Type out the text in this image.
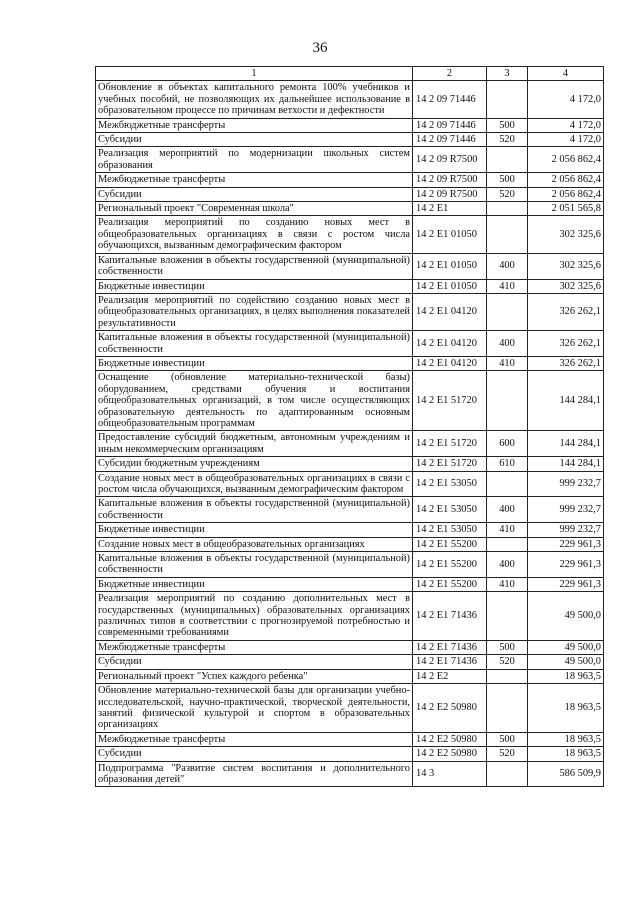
36
1	2	3	4
Обновление в объектах капитального ремонта 100% учебников и учебных пособий, не позволяющих их дальнейшее использование в образовательном процессе по причинам ветхости и дефектности	14 2 09 71446		4 172,0
Межбюджетные трансферты	14 2 09 71446	500	4 172,0
Субсидии	14 2 09 71446	520	4 172,0
Реализация мероприятий по модернизации школьных систем образования	14 2 09 R7500		2 056 862,4
Межбюджетные трансферты	14 2 09 R7500	500	2 056 862,4
Субсидии	14 2 09 R7500	520	2 056 862,4
Региональный проект "Современная школа"	14 2 E1		2 051 565,8
Реализация мероприятий по созданию новых мест в общеобразовательных организациях в связи с ростом числа обучающихся, вызванным демографическим фактором	14 2 E1 01050		302 325,6
Капитальные вложения в объекты государственной (муниципальной) собственности	14 2 E1 01050	400	302 325,6
Бюджетные инвестиции	14 2 E1 01050	410	302 325,6
Реализация мероприятий по содействию созданию новых мест в общеобразовательных организациях, в целях выполнения показателей результативности	14 2 E1 04120		326 262,1
Капитальные вложения в объекты государственной (муниципальной) собственности	14 2 E1 04120	400	326 262,1
Бюджетные инвестиции	14 2 E1 04120	410	326 262,1
Оснащение (обновление материально-технической базы) оборудованием, средствами обучения и воспитания общеобразовательных организаций, в том числе осуществляющих образовательную деятельность по адаптированным основным общеобразовательным программам	14 2 E1 51720		144 284,1
Предоставление субсидий бюджетным, автономным учреждениям и иным некоммерческим организациям	14 2 E1 51720	600	144 284,1
Субсидии бюджетным учреждениям	14 2 E1 51720	610	144 284,1
Создание новых мест в общеобразовательных организациях в связи с ростом числа обучающихся, вызванным демографическим фактором	14 2 E1 53050		999 232,7
Капитальные вложения в объекты государственной (муниципальной) собственности	14 2 E1 53050	400	999 232,7
Бюджетные инвестиции	14 2 E1 53050	410	999 232,7
Создание новых мест в общеобразовательных организациях	14 2 E1 55200		229 961,3
Капитальные вложения в объекты государственной (муниципальной) собственности	14 2 E1 55200	400	229 961,3
Бюджетные инвестиции	14 2 E1 55200	410	229 961,3
Реализация мероприятий по созданию дополнительных мест в государственных (муниципальных) образовательных организациях различных типов в соответствии с прогнозируемой потребностью и современными требованиями	14 2 E1 71436		49 500,0
Межбюджетные трансферты	14 2 E1 71436	500	49 500,0
Субсидии	14 2 E1 71436	520	49 500,0
Региональный проект "Успех каждого ребенка"	14 2 E2		18 963,5
Обновление материально-технической базы для организации учебно-исследовательской, научно-практической, творческой деятельности, занятий физической культурой и спортом в образовательных организациях	14 2 E2 50980		18 963,5
Межбюджетные трансферты	14 2 E2 50980	500	18 963,5
Субсидии	14 2 E2 50980	520	18 963,5
Подпрограмма "Развитие систем воспитания и дополнительного образования детей"	14 3		586 509,9
